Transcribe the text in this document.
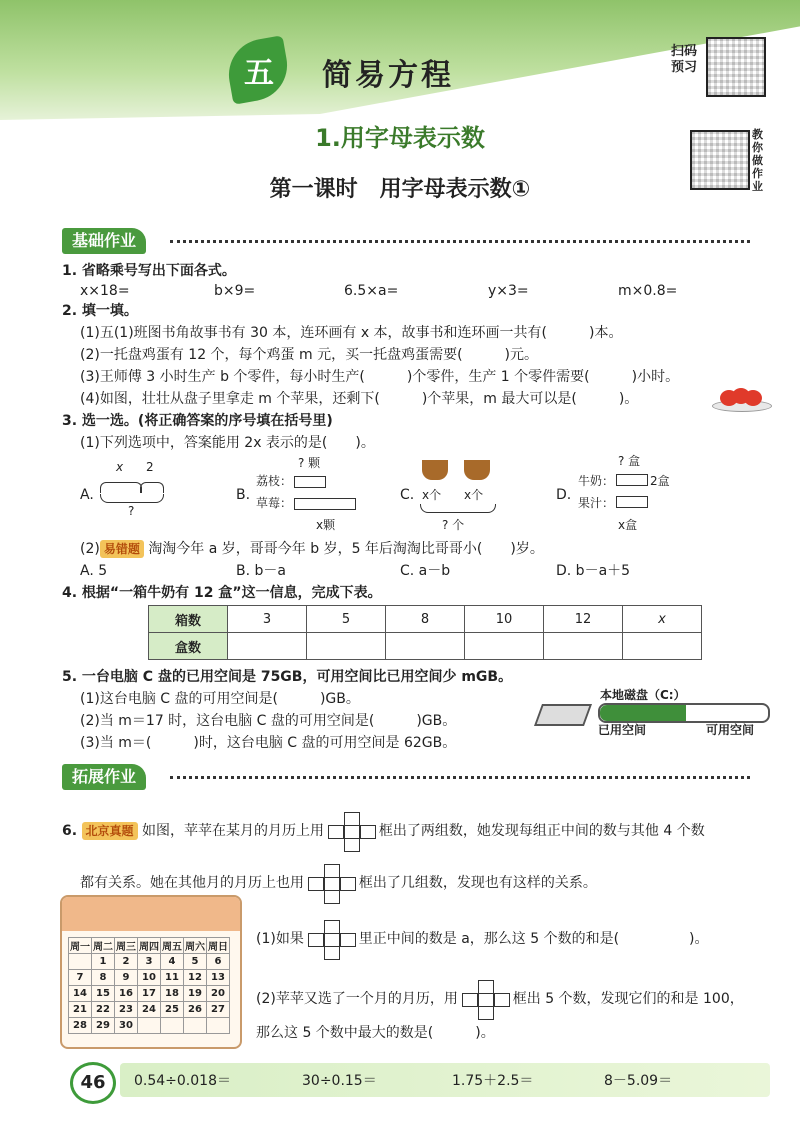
五 简易方程
扫码
预习
教你做作业
1.用字母表示数
第一课时　用字母表示数①
基础作业
1. 省略乘号写出下面各式。
x×18=	b×9=	6.5×a=	y×3=	m×0.8=
2. 填一填。
(1)五(1)班图书角故事书有 30 本，连环画有 x 本，故事书和连环画一共有(　　　)本。
(2)一托盘鸡蛋有 12 个，每个鸡蛋 m 元，买一托盘鸡蛋需要(　　　)元。
(3)王师傅 3 小时生产 b 个零件，每小时生产(　　　)个零件，生产 1 个零件需要(　　　)小时。
(4)如图，壮壮从盘子里拿走 m 个苹果，还剩下(　　　)个苹果，m 最大可以是(　　　)。
3. 选一选。(将正确答案的序号填在括号里)
(1)下列选项中，答案能用 2x 表示的是(　　)。
A.
x 2
?
B.
? 颗
荔枝：
草莓：
x颗
C. x个 x个
? 个
D.
? 盒
牛奶：	2盒
果汁：
x盒
(2) 易错题 淘淘今年 a 岁，哥哥今年 b 岁，5 年后淘淘比哥哥小(　　)岁。
A. 5	B. b－a	C. a－b	D. b－a＋5
4. 根据“一箱牛奶有 12 盒”这一信息，完成下表。
箱数	3	5	8	10	12	x
盒数						
5. 一台电脑 C 盘的已用空间是 75GB，可用空间比已用空间少 mGB。
(1)这台电脑 C 盘的可用空间是(　　　)GB。
(2)当 m＝17 时，这台电脑 C 盘的可用空间是(　　　)GB。
(3)当 m＝(　　　)时，这台电脑 C 盘的可用空间是 62GB。
本地磁盘（C:）
已用空间	可用空间
拓展作业
6. 北京真题 如图，苹苹在某月的月历上用	框出了两组数，她发现每组正中间的数与其他 4 个数
都有关系。她在其他月的月历上也用	框出了几组数，发现也有这样的关系。
(1)如果	里正中间的数是 a，那么这 5 个数的和是(　　　　　)。
(2)苹苹又选了一个月的月历，用	框出 5 个数，发现它们的和是 100，
那么这 5 个数中最大的数是(　　　)。
周一	周二	周三	周四	周五	周六	周日
	1	2	3	4	5	6
7	8	9	10	11	12	13
14	15	16	17	18	19	20
21	22	23	24	25	26	27
28	29	30				
46	0.54÷0.018＝	30÷0.15＝	1.75＋2.5＝	8－5.09＝
